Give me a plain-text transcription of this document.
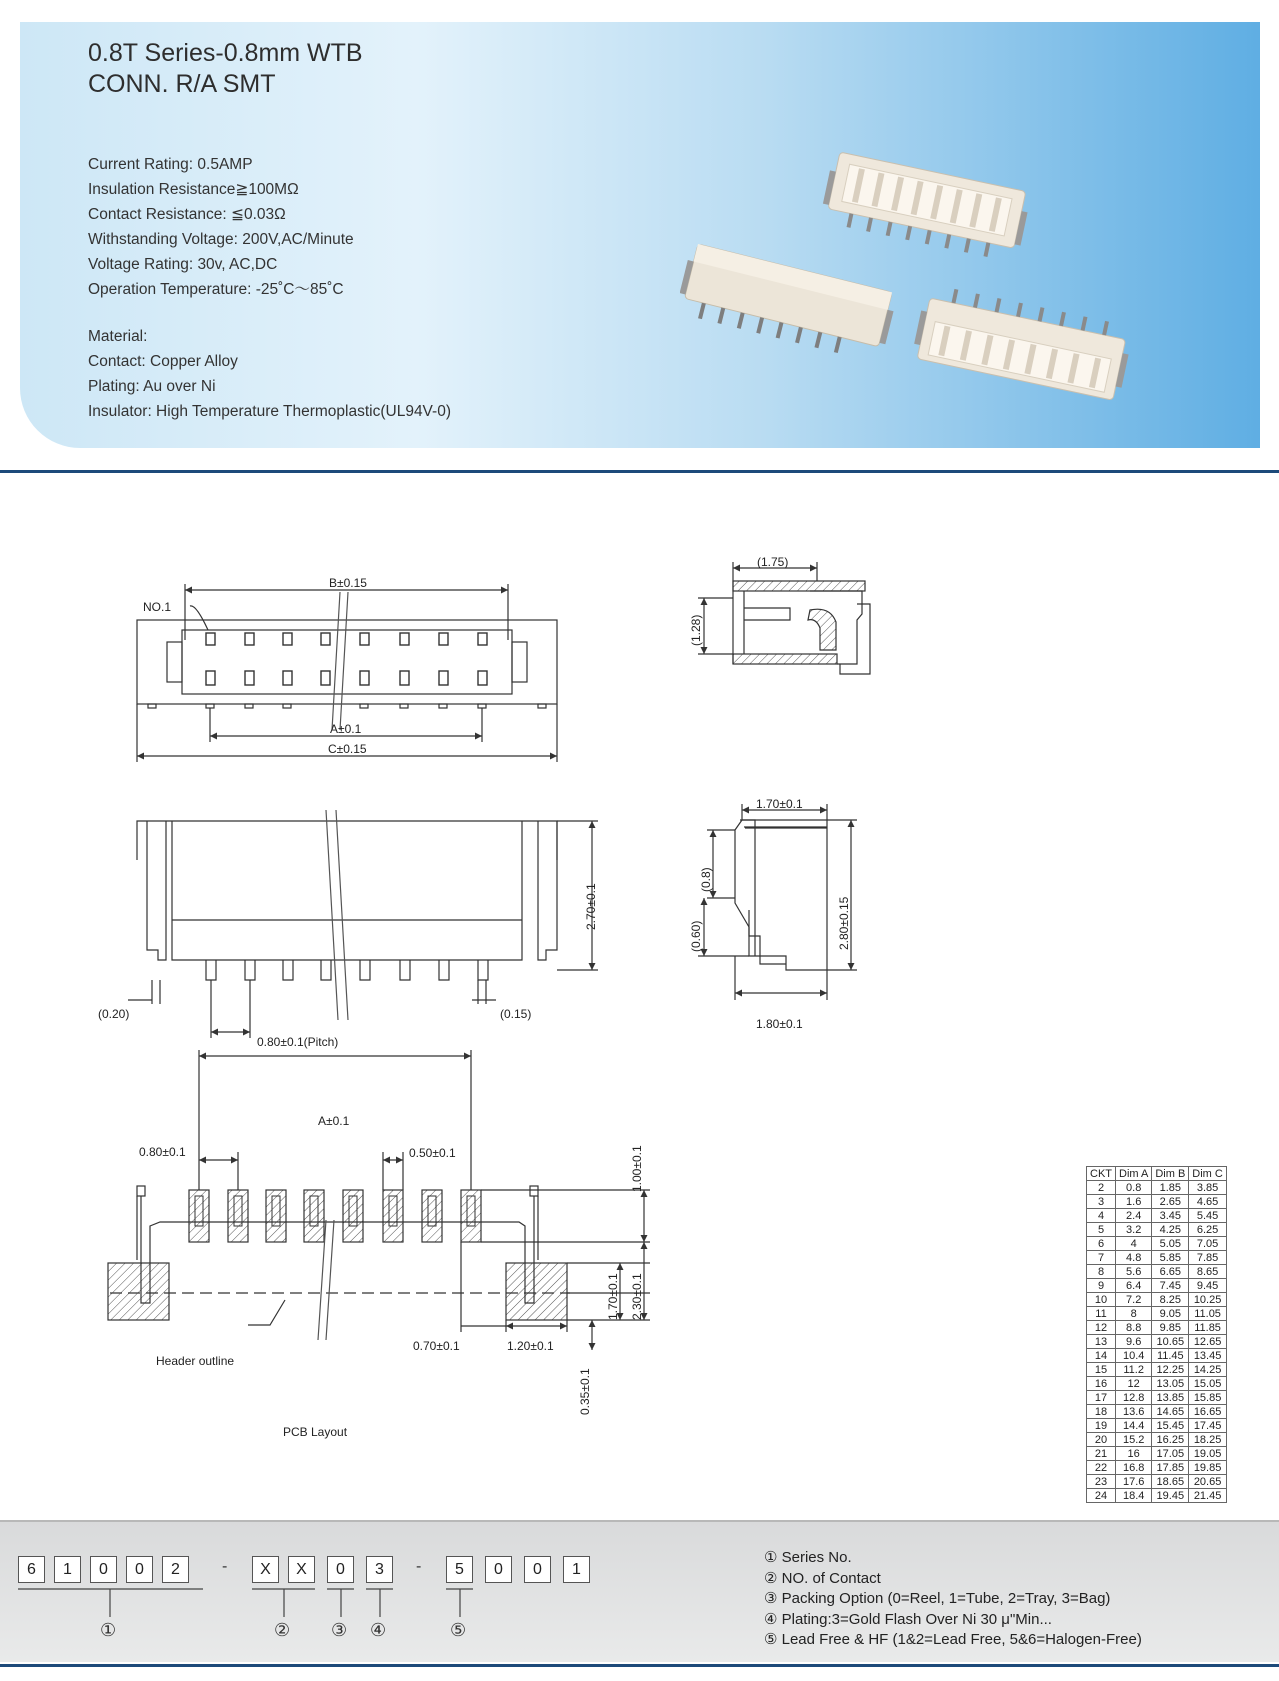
0.8T Series-0.8mm WTB
CONN. R/A SMT
Current Rating: 0.5AMP
Insulation Resistance≧100MΩ
Contact Resistance: ≦0.03Ω
Withstanding Voltage: 200V,AC/Minute
Voltage Rating: 30v, AC,DC
Operation Temperature: -25˚C～85˚C
Material:
Contact: Copper Alloy
Plating: Au over Ni
Insulator: High Temperature Thermoplastic(UL94V-0)
NO.1
B±0.15
A±0.1
C±0.15
(1.75)
(1.28)
2.70±0.1
(0.20)	(0.15)
0.80±0.1(Pitch)
1.70±0.1
(0.8)
(0.60)	2.80±0.15
1.80±0.1
A±0.1
0.80±0.1	0.50±0.1	1.00±0.1
1.70±0.1 2.30±0.1
0.70±0.1	1.20±0.1
0.35±0.1
Header outline
PCB Layout
CKT	Dim A	Dim B	Dim C
2	0.8	1.85	3.85
3	1.6	2.65	4.65
4	2.4	3.45	5.45
5	3.2	4.25	6.25
6	4	5.05	7.05
7	4.8	5.85	7.85
8	5.6	6.65	8.65
9	6.4	7.45	9.45
10	7.2	8.25	10.25
11	8	9.05	11.05
12	8.8	9.85	11.85
13	9.6	10.65	12.65
14	10.4	11.45	13.45
15	11.2	12.25	14.25
16	12	13.05	15.05
17	12.8	13.85	15.85
18	13.6	14.65	16.65
19	14.4	15.45	17.45
20	15.2	16.25	18.25
21	16	17.05	19.05
22	16.8	17.85	19.85
23	17.6	18.65	20.65
24	18.4	19.45	21.45
6	1	0	0	2	-	X	X	0	3	-	5	0	0	1
①	② ③ ④	⑤
① Series No.
② NO. of Contact
③ Packing Option (0=Reel, 1=Tube, 2=Tray, 3=Bag)
④ Plating:3=Gold Flash Over Ni 30 μ"Min...
⑤ Lead Free & HF (1&2=Lead Free, 5&6=Halogen-Free)
